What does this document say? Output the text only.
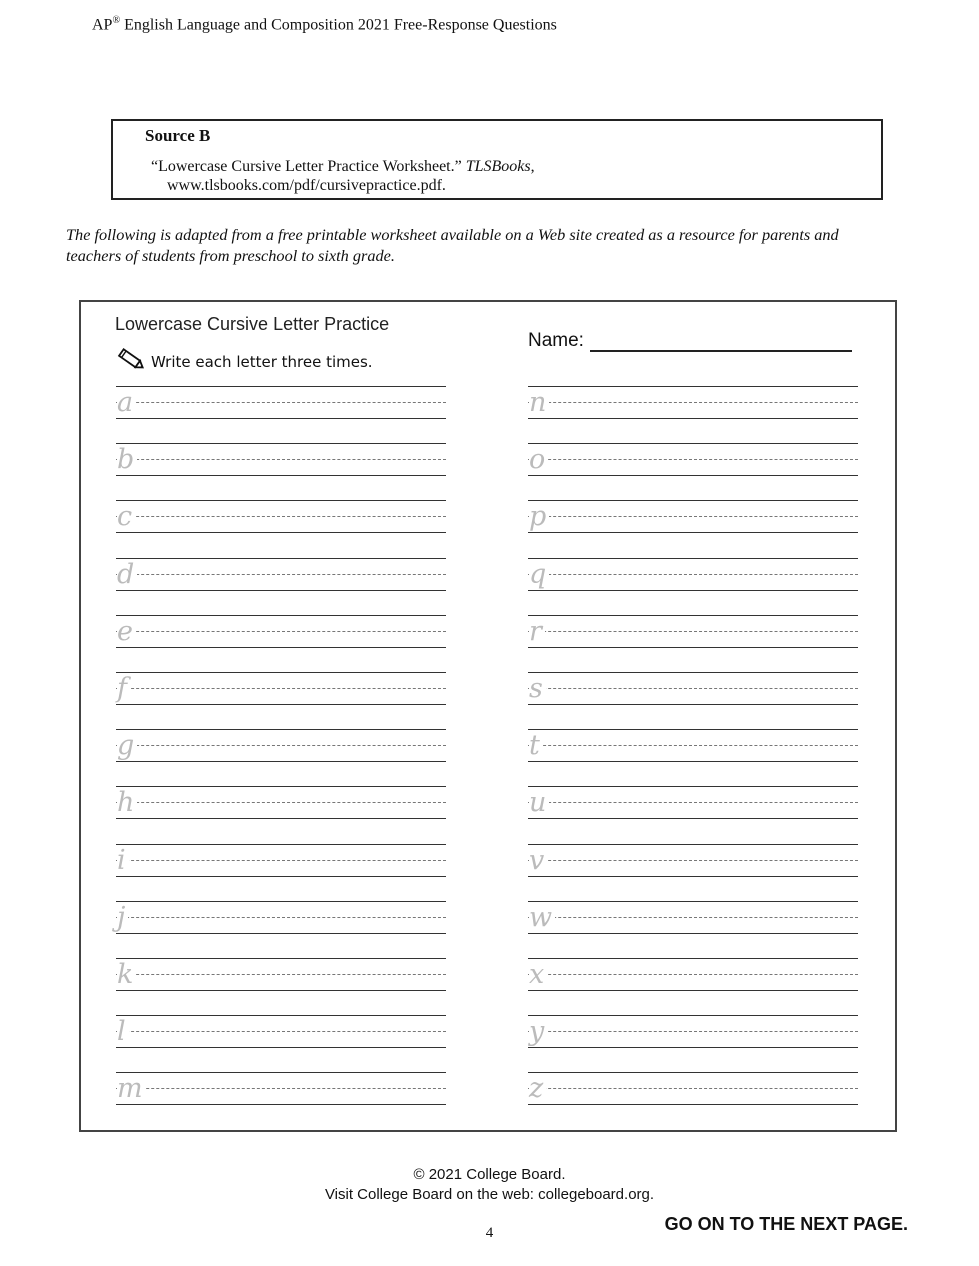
AP® English Language and Composition 2021 Free-Response Questions
Source B
“Lowercase Cursive Letter Practice Worksheet.” TLSBooks,
www.tlsbooks.com/pdf/cursivepractice.pdf.
The following is adapted from a free printable worksheet available on a Web site created as a resource for parents and teachers of students from preschool to sixth grade.
Lowercase Cursive Letter Practice
Write each letter three times.
Name:
a
b
c
d
e
f
g
h
i
j
k
l
m
n
o
p
q
r
s
t
u
v
w
x
y
z
© 2021 College Board.
Visit College Board on the web: collegeboard.org.
4	GO ON TO THE NEXT PAGE.
